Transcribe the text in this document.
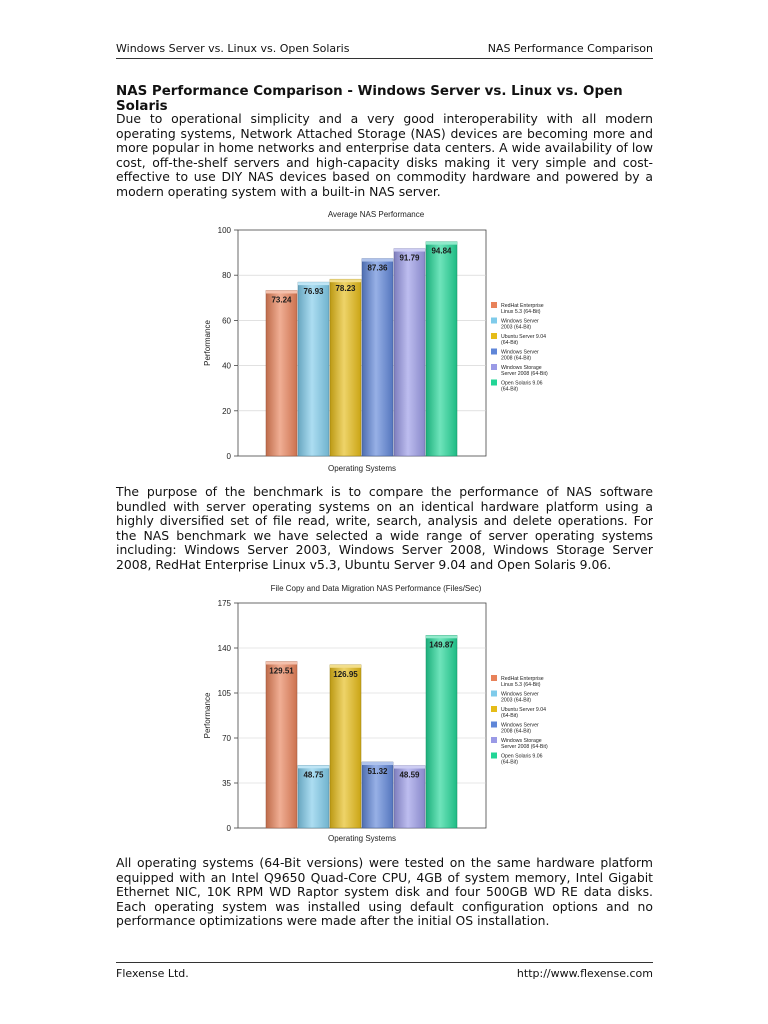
Windows Server vs. Linux vs. Open Solaris	NAS Performance Comparison
NAS Performance Comparison - Windows Server vs. Linux vs. Open Solaris

Due to operational simplicity and a very good interoperability with all modern operating systems, Network Attached Storage (NAS) devices are becoming more and more popular in home networks and enterprise data centers. A wide availability of low cost, off-the-shelf servers and high-capacity disks making it very simple and cost-effective to use DIY NAS devices based on commodity hardware and powered by a modern operating system with a built-in NAS server.

Average NAS Performance
0
20
40
60
80
100
Operating Systems
Performance
73.24
76.93 78.23
87.36
91.79
94.84
RedHat Enterprise
Linux 5.3 (64-Bit)
Windows Server
2003 (64-Bit)
Ubuntu Server 9.04
(64-Bit)
Windows Server
2008 (64-Bit)
Windows Storage
Server 2008 (64-Bit)
Open Solaris 9.06
(64-Bit)

The purpose of the benchmark is to compare the performance of NAS software bundled with server operating systems on an identical hardware platform using a highly diversified set of file read, write, search, analysis and delete operations. For the NAS benchmark we have selected a wide range of server operating systems including: Windows Server 2003, Windows Server 2008, Windows Storage Server 2008, RedHat Enterprise Linux v5.3, Ubuntu Server 9.04 and Open Solaris 9.06.

File Copy and Data Migration NAS Performance (Files/Sec)
0
35
70
105
140
175
Operating Systems
Performance
129.51
48.75
126.95
51.32 48.59
149.87
RedHat Enterprise
Linux 5.3 (64-Bit)
Windows Server
2003 (64-Bit)
Ubuntu Server 9.04
(64-Bit)
Windows Server
2008 (64-Bit)
Windows Storage
Server 2008 (64-Bit)
Open Solaris 9.06
(64-Bit)

All operating systems (64-Bit versions) were tested on the same hardware platform equipped with an Intel Q9650 Quad-Core CPU, 4GB of system memory, Intel Gigabit Ethernet NIC, 10K RPM WD Raptor system disk and four 500GB WD RE data disks. Each operating system was installed using default configuration options and no performance optimizations were made after the initial OS installation.

Flexense Ltd.	http://www.flexense.com
